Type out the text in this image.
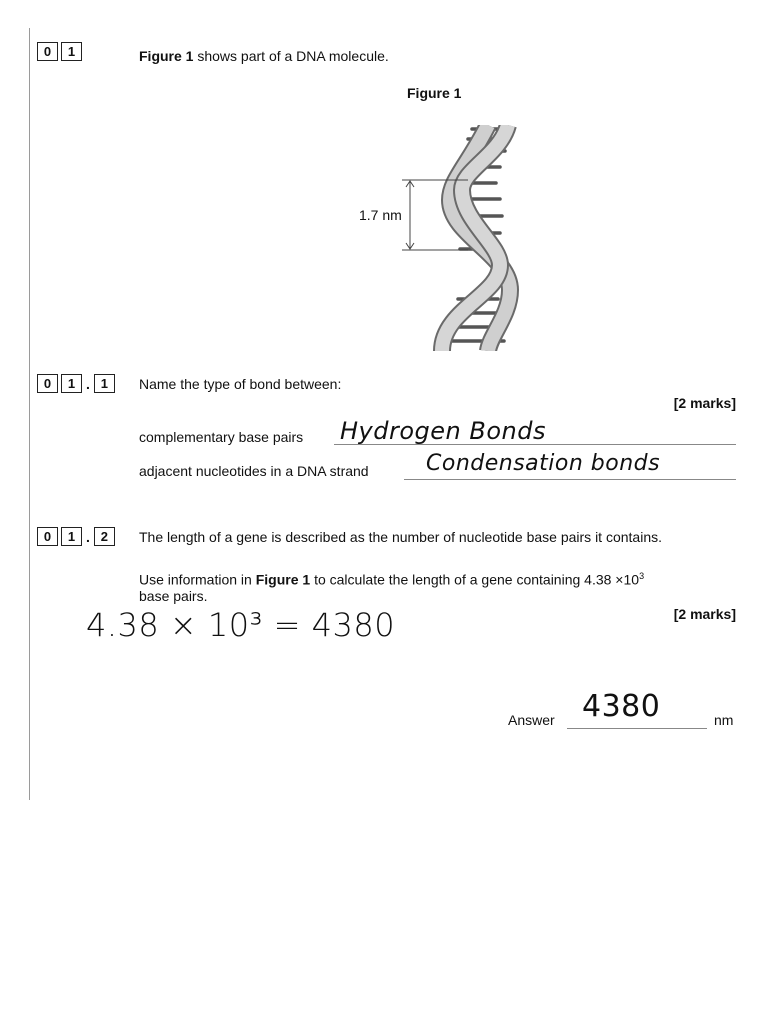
0	1	Figure 1 shows part of a DNA molecule.
Figure 1
1.7 nm
0	1 . 1	Name the type of bond between:
[2 marks]
complementary base pairs Hydrogen Bonds
adjacent nucleotides in a DNA strand	Condensation bonds
0	1 . 2	The length of a gene is described as the number of nucleotide base pairs it contains.
Use information in Figure 1 to calculate the length of a gene containing $4.38 \times 10^3$
base pairs.
[2 marks]
4.38 × 10³ = 4380
Answer 4380	nm
